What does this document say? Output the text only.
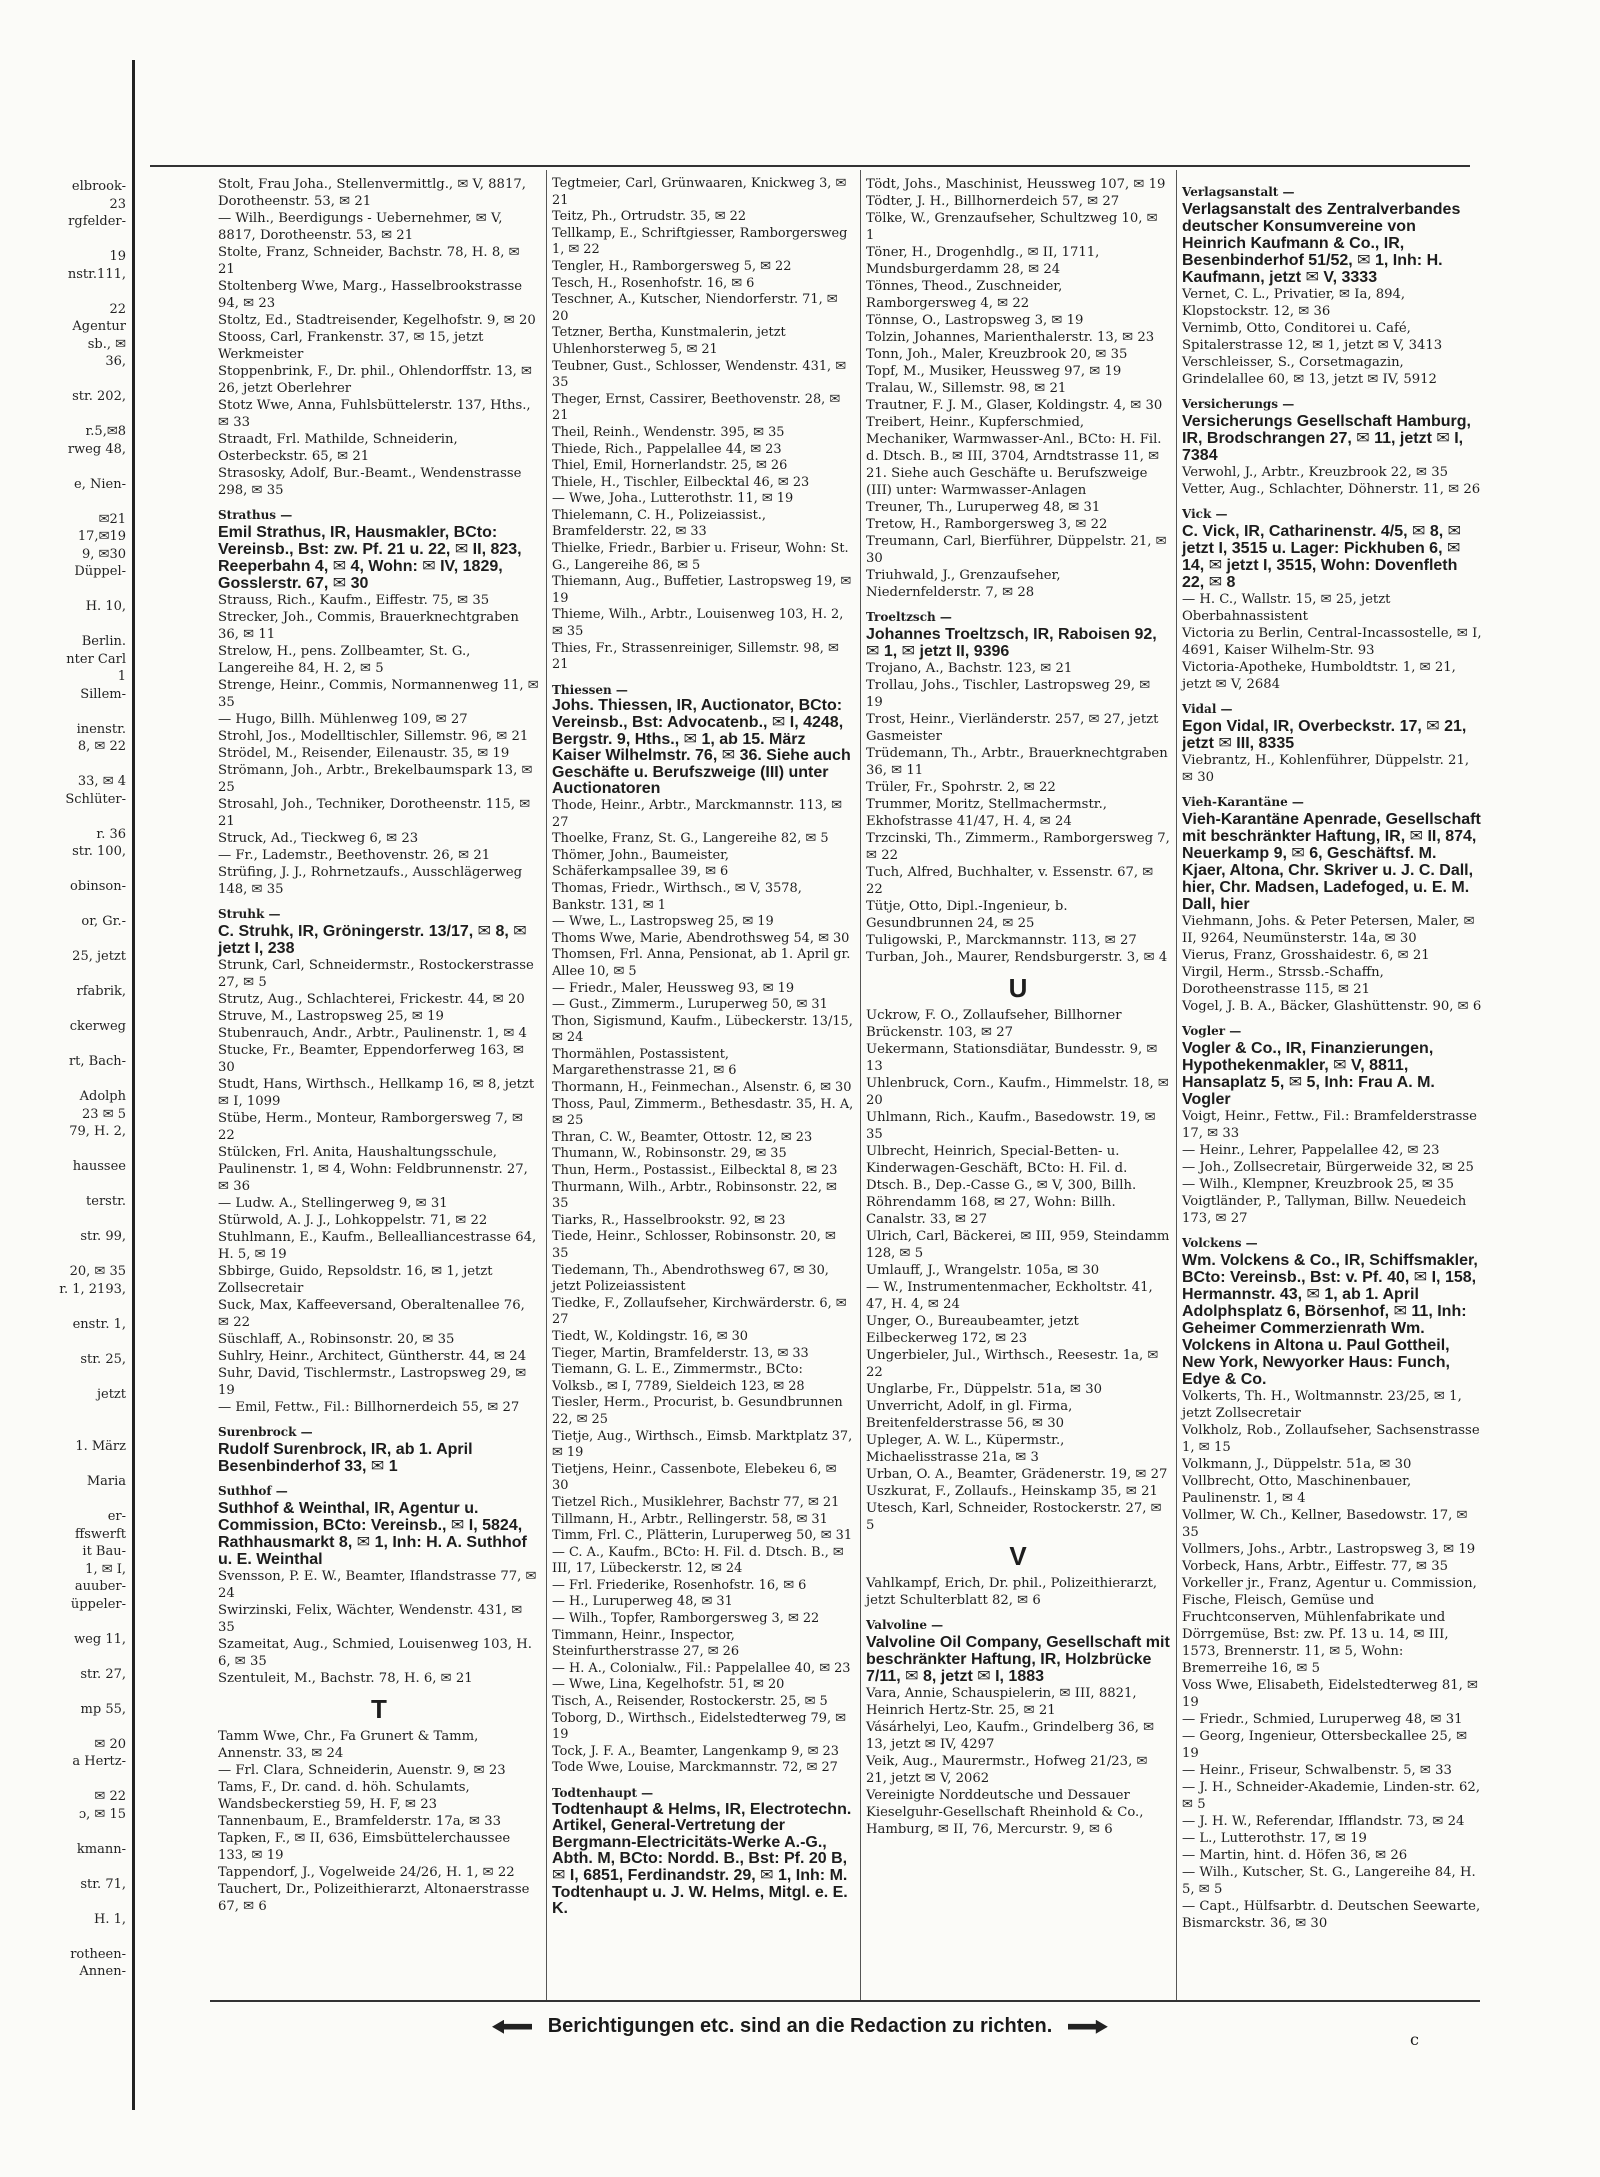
elbrook-
23
rgfelder-
19
nstr.111,
22
Agentur
sb., ✉
36,
str. 202,
r.5,✉8
rweg 48,
e, Nien-
✉21
17,✉19
9, ✉30
Düppel-
H. 10,
Berlin.
nter Carl
1
Sillem-
inenstr.
8, ✉ 22
33, ✉ 4
Schlüter-
r. 36
str. 100,
obinson-
or, Gr.-
25, jetzt
rfabrik,
ckerweg
rt, Bach-
Adolph
23 ✉ 5
79, H. 2,
haussee
terstr.
str. 99,
20, ✉ 35
r. 1, 2193,
enstr. 1,
str. 25,
jetzt
1. März
Maria
er-
ffswerft
it Bau-
1, ✉ I,
auuber-
üppeler-
weg 11,
str. 27,
mp 55,
✉ 20
a Hertz-
✉ 22
ɔ, ✉ 15
kmann-
str. 71,
H. 1,
rotheen-
Annen-
Stolt, Frau Joha., Stellenvermittlg., ✉ V, 8817, Dorotheenstr. 53, ✉ 21
— Wilh., Beerdigungs - Uebernehmer, ✉ V, 8817, Dorotheenstr. 53, ✉ 21
Stolte, Franz, Schneider, Bachstr. 78, H. 8, ✉ 21
Stoltenberg Wwe, Marg., Hasselbrookstrasse 94, ✉ 23
Stoltz, Ed., Stadtreisender, Kegelhofstr. 9, ✉ 20
Stooss, Carl, Frankenstr. 37, ✉ 15, jetzt Werkmeister
Stoppenbrink, F., Dr. phil., Ohlendorffstr. 13, ✉ 26, jetzt Oberlehrer
Stotz Wwe, Anna, Fuhlsbüttelerstr. 137, Hths., ✉ 33
Straadt, Frl. Mathilde, Schneiderin, Osterbeckstr. 65, ✉ 21
Strasosky, Adolf, Bur.-Beamt., Wendenstrasse 298, ✉ 35
Strathus —
Emil Strathus, IR, Hausmakler, BCto: Vereinsb., Bst: zw. Pf. 21 u. 22, ✉ II, 823, Reeperbahn 4, ✉ 4, Wohn: ✉ IV, 1829, Gosslerstr. 67, ✉ 30
Strauss, Rich., Kaufm., Eiffestr. 75, ✉ 35
Strecker, Joh., Commis, Brauerknechtgraben 36, ✉ 11
Strelow, H., pens. Zollbeamter, St. G., Langereihe 84, H. 2, ✉ 5
Strenge, Heinr., Commis, Normannenweg 11, ✉ 35
— Hugo, Billh. Mühlenweg 109, ✉ 27
Strohl, Jos., Modelltischler, Sillemstr. 96, ✉ 21
Strödel, M., Reisender, Eilenaustr. 35, ✉ 19
Strömann, Joh., Arbtr., Brekelbaumspark 13, ✉ 25
Strosahl, Joh., Techniker, Dorotheenstr. 115, ✉ 21
Struck, Ad., Tieckweg 6, ✉ 23
— Fr., Lademstr., Beethovenstr. 26, ✉ 21
Strüfing, J. J., Rohrnetzaufs., Ausschlägerweg 148, ✉ 35
Struhk —
C. Struhk, IR, Gröningerstr. 13/17, ✉ 8, ✉ jetzt I, 238
Strunk, Carl, Schneidermstr., Rostockerstrasse 27, ✉ 5
Strutz, Aug., Schlachterei, Frickestr. 44, ✉ 20
Struve, M., Lastropsweg 25, ✉ 19
Stubenrauch, Andr., Arbtr., Paulinenstr. 1, ✉ 4
Stucke, Fr., Beamter, Eppendorferweg 163, ✉ 30
Studt, Hans, Wirthsch., Hellkamp 16, ✉ 8, jetzt ✉ I, 1099
Stübe, Herm., Monteur, Ramborgersweg 7, ✉ 22
Stülcken, Frl. Anita, Haushaltungsschule, Paulinenstr. 1, ✉ 4, Wohn: Feldbrunnenstr. 27, ✉ 36
— Ludw. A., Stellingerweg 9, ✉ 31
Stürwold, A. J. J., Lohkoppelstr. 71, ✉ 22
Stuhlmann, E., Kaufm., Bellealliancestrasse 64, H. 5, ✉ 19
Sbbirge, Guido, Repsoldstr. 16, ✉ 1, jetzt Zollsecretair
Suck, Max, Kaffeeversand, Oberaltenallee 76, ✉ 22
Süschlaff, A., Robinsonstr. 20, ✉ 35
Suhlry, Heinr., Architect, Güntherstr. 44, ✉ 24
Suhr, David, Tischlermstr., Lastropsweg 29, ✉ 19
— Emil, Fettw., Fil.: Billhornerdeich 55, ✉ 27
Surenbrock —
Rudolf Surenbrock, IR, ab 1. April Besenbinderhof 33, ✉ 1
Suthhof —
Suthhof & Weinthal, IR, Agentur u. Commission, BCto: Vereinsb., ✉ I, 5824, Rathhausmarkt 8, ✉ 1, Inh: H. A. Suthhof u. E. Weinthal
Svensson, P. E. W., Beamter, Iflandstrasse 77, ✉ 24
Swirzinski, Felix, Wächter, Wendenstr. 431, ✉ 35
Szameitat, Aug., Schmied, Louisenweg 103, H. 6, ✉ 35
Szentuleit, M., Bachstr. 78, H. 6, ✉ 21
T
Tamm Wwe, Chr., Fa Grunert & Tamm, Annenstr. 33, ✉ 24
— Frl. Clara, Schneiderin, Auenstr. 9, ✉ 23
Tams, F., Dr. cand. d. höh. Schulamts, Wandsbeckerstieg 59, H. F, ✉ 23
Tannenbaum, E., Bramfelderstr. 17a, ✉ 33
Tapken, F., ✉ II, 636, Eimsbüttelerchaussee 133, ✉ 19
Tappendorf, J., Vogelweide 24/26, H. 1, ✉ 22
Tauchert, Dr., Polizeithierarzt, Altonaerstrasse 67, ✉ 6
Tegtmeier, Carl, Grünwaaren, Knickweg 3, ✉ 21
Teitz, Ph., Ortrudstr. 35, ✉ 22
Tellkamp, E., Schriftgiesser, Ramborgersweg 1, ✉ 22
Tengler, H., Ramborgersweg 5, ✉ 22
Tesch, H., Rosenhofstr. 16, ✉ 6
Teschner, A., Kutscher, Niendorferstr. 71, ✉ 20
Tetzner, Bertha, Kunstmalerin, jetzt Uhlenhorsterweg 5, ✉ 21
Teubner, Gust., Schlosser, Wendenstr. 431, ✉ 35
Theger, Ernst, Cassirer, Beethovenstr. 28, ✉ 21
Theil, Reinh., Wendenstr. 395, ✉ 35
Thiede, Rich., Pappelallee 44, ✉ 23
Thiel, Emil, Hornerlandstr. 25, ✉ 26
Thiele, H., Tischler, Eilbecktal 46, ✉ 23
— Wwe, Joha., Lutterothstr. 11, ✉ 19
Thielemann, C. H., Polizeiassist., Bramfelderstr. 22, ✉ 33
Thielke, Friedr., Barbier u. Friseur, Wohn: St. G., Langereihe 86, ✉ 5
Thiemann, Aug., Buffetier, Lastropsweg 19, ✉ 19
Thieme, Wilh., Arbtr., Louisenweg 103, H. 2, ✉ 35
Thies, Fr., Strassenreiniger, Sillemstr. 98, ✉ 21
Thiessen —
Johs. Thiessen, IR, Auctionator, BCto: Vereinsb., Bst: Advocatenb., ✉ I, 4248, Bergstr. 9, Hths., ✉ 1, ab 15. März Kaiser Wilhelmstr. 76, ✉ 36. Siehe auch Geschäfte u. Berufszweige (III) unter Auctionatoren
Thode, Heinr., Arbtr., Marckmannstr. 113, ✉ 27
Thoelke, Franz, St. G., Langereihe 82, ✉ 5
Thömer, John., Baumeister, Schäferkampsallee 39, ✉ 6
Thomas, Friedr., Wirthsch., ✉ V, 3578, Bankstr. 131, ✉ 1
— Wwe, L., Lastropsweg 25, ✉ 19
Thoms Wwe, Marie, Abendrothsweg 54, ✉ 30
Thomsen, Frl. Anna, Pensionat, ab 1. April gr. Allee 10, ✉ 5
— Friedr., Maler, Heussweg 93, ✉ 19
— Gust., Zimmerm., Luruperweg 50, ✉ 31
Thon, Sigismund, Kaufm., Lübeckerstr. 13/15, ✉ 24
Thormählen, Postassistent, Margarethenstrasse 21, ✉ 6
Thormann, H., Feinmechan., Alsenstr. 6, ✉ 30
Thoss, Paul, Zimmerm., Bethesdastr. 35, H. A, ✉ 25
Thran, C. W., Beamter, Ottostr. 12, ✉ 23
Thumann, W., Robinsonstr. 29, ✉ 35
Thun, Herm., Postassist., Eilbecktal 8, ✉ 23
Thurmann, Wilh., Arbtr., Robinsonstr. 22, ✉ 35
Tiarks, R., Hasselbrookstr. 92, ✉ 23
Tiede, Heinr., Schlosser, Robinsonstr. 20, ✉ 35
Tiedemann, Th., Abendrothsweg 67, ✉ 30, jetzt Polizeiassistent
Tiedke, F., Zollaufseher, Kirchwärderstr. 6, ✉ 27
Tiedt, W., Koldingstr. 16, ✉ 30
Tieger, Martin, Bramfelderstr. 13, ✉ 33
Tiemann, G. L. E., Zimmermstr., BCto: Volksb., ✉ I, 7789, Sieldeich 123, ✉ 28
Tiesler, Herm., Procurist, b. Gesundbrunnen 22, ✉ 25
Tietje, Aug., Wirthsch., Eimsb. Marktplatz 37, ✉ 19
Tietjens, Heinr., Cassenbote, Elebekeu 6, ✉ 30
Tietzel Rich., Musiklehrer, Bachstr 77, ✉ 21
Tillmann, H., Arbtr., Rellingerstr. 58, ✉ 31
Timm, Frl. C., Plätterin, Luruperweg 50, ✉ 31
— C. A., Kaufm., BCto: H. Fil. d. Dtsch. B., ✉ III, 17, Lübeckerstr. 12, ✉ 24
— Frl. Friederike, Rosenhofstr. 16, ✉ 6
— H., Luruperweg 48, ✉ 31
— Wilh., Topfer, Ramborgersweg 3, ✉ 22
Timmann, Heinr., Inspector, Steinfurtherstrasse 27, ✉ 26
— H. A., Colonialw., Fil.: Pappelallee 40, ✉ 23
— Wwe, Lina, Kegelhofstr. 51, ✉ 20
Tisch, A., Reisender, Rostockerstr. 25, ✉ 5
Toborg, D., Wirthsch., Eidelstedterweg 79, ✉ 19
Tock, J. F. A., Beamter, Langenkamp 9, ✉ 23
Tode Wwe, Louise, Marckmannstr. 72, ✉ 27
Todtenhaupt —
Todtenhaupt & Helms, IR, Electrotechn. Artikel, General-Vertretung der Bergmann-Electricitäts-Werke A.-G., Abth. M, BCto: Nordd. B., Bst: Pf. 20 B, ✉ I, 6851, Ferdinandstr. 29, ✉ 1, Inh: M. Todtenhaupt u. J. W. Helms, Mitgl. e. E. K.
Tödt, Johs., Maschinist, Heussweg 107, ✉ 19
Tödter, J. H., Billhornerdeich 57, ✉ 27
Tölke, W., Grenzaufseher, Schultzweg 10, ✉ 1
Töner, H., Drogenhdlg., ✉ II, 1711, Mundsburgerdamm 28, ✉ 24
Tönnes, Theod., Zuschneider, Ramborgersweg 4, ✉ 22
Tönnse, O., Lastropsweg 3, ✉ 19
Tolzin, Johannes, Marienthalerstr. 13, ✉ 23
Tonn, Joh., Maler, Kreuzbrook 20, ✉ 35
Topf, M., Musiker, Heussweg 97, ✉ 19
Tralau, W., Sillemstr. 98, ✉ 21
Trautner, F. J. M., Glaser, Koldingstr. 4, ✉ 30
Treibert, Heinr., Kupferschmied, Mechaniker, Warmwasser-Anl., BCto: H. Fil. d. Dtsch. B., ✉ III, 3704, Arndtstrasse 11, ✉ 21. Siehe auch Geschäfte u. Berufszweige (III) unter: Warmwasser-Anlagen
Treuner, Th., Luruperweg 48, ✉ 31
Tretow, H., Ramborgersweg 3, ✉ 22
Treumann, Carl, Bierführer, Düppelstr. 21, ✉ 30
Triuhwald, J., Grenzaufseher, Niedernfelderstr. 7, ✉ 28
Troeltzsch —
Johannes Troeltzsch, IR, Raboisen 92, ✉ 1, ✉ jetzt II, 9396
Trojano, A., Bachstr. 123, ✉ 21
Trollau, Johs., Tischler, Lastropsweg 29, ✉ 19
Trost, Heinr., Vierländerstr. 257, ✉ 27, jetzt Gasmeister
Trüdemann, Th., Arbtr., Brauerknechtgraben 36, ✉ 11
Trüler, Fr., Spohrstr. 2, ✉ 22
Trummer, Moritz, Stellmachermstr., Ekhofstrasse 41/47, H. 4, ✉ 24
Trzcinski, Th., Zimmerm., Ramborgersweg 7, ✉ 22
Tuch, Alfred, Buchhalter, v. Essenstr. 67, ✉ 22
Tütje, Otto, Dipl.-Ingenieur, b. Gesundbrunnen 24, ✉ 25
Tuligowski, P., Marckmannstr. 113, ✉ 27
Turban, Joh., Maurer, Rendsburgerstr. 3, ✉ 4
U
Uckrow, F. O., Zollaufseher, Billhorner Brückenstr. 103, ✉ 27
Uekermann, Stationsdiätar, Bundesstr. 9, ✉ 13
Uhlenbruck, Corn., Kaufm., Himmelstr. 18, ✉ 20
Uhlmann, Rich., Kaufm., Basedowstr. 19, ✉ 35
Ulbrecht, Heinrich, Special-Betten- u. Kinderwagen-Geschäft, BCto: H. Fil. d. Dtsch. B., Dep.-Casse G., ✉ V, 300, Billh. Röhrendamm 168, ✉ 27, Wohn: Billh. Canalstr. 33, ✉ 27
Ulrich, Carl, Bäckerei, ✉ III, 959, Steindamm 128, ✉ 5
Umlauff, J., Wrangelstr. 105a, ✉ 30
— W., Instrumentenmacher, Eckholtstr. 41, 47, H. 4, ✉ 24
Unger, O., Bureaubeamter, jetzt Eilbeckerweg 172, ✉ 23
Ungerbieler, Jul., Wirthsch., Reesestr. 1a, ✉ 22
Unglarbe, Fr., Düppelstr. 51a, ✉ 30
Unverricht, Adolf, in gl. Firma, Breitenfelderstrasse 56, ✉ 30
Upleger, A. W. L., Küpermstr., Michaelisstrasse 21a, ✉ 3
Urban, O. A., Beamter, Grädenerstr. 19, ✉ 27
Uszkurat, F., Zollaufs., Heinskamp 35, ✉ 21
Utesch, Karl, Schneider, Rostockerstr. 27, ✉ 5
V
Vahlkampf, Erich, Dr. phil., Polizeithierarzt, jetzt Schulterblatt 82, ✉ 6
Valvoline —
Valvoline Oil Company, Gesellschaft mit beschränkter Haftung, IR, Holzbrücke 7/11, ✉ 8, jetzt ✉ I, 1883
Vara, Annie, Schauspielerin, ✉ III, 8821, Heinrich Hertz-Str. 25, ✉ 21
Vásárhelyi, Leo, Kaufm., Grindelberg 36, ✉ 13, jetzt ✉ IV, 4297
Veik, Aug., Maurermstr., Hofweg 21/23, ✉ 21, jetzt ✉ V, 2062
Vereinigte Norddeutsche und Dessauer Kieselguhr-Gesellschaft Rheinhold & Co., Hamburg, ✉ II, 76, Mercurstr. 9, ✉ 6
Verlagsanstalt —
Verlagsanstalt des Zentralverbandes deutscher Konsumvereine von Heinrich Kaufmann & Co., IR, Besenbinderhof 51/52, ✉ 1, Inh: H. Kaufmann, jetzt ✉ V, 3333
Vernet, C. L., Privatier, ✉ Ia, 894, Klopstockstr. 12, ✉ 36
Vernimb, Otto, Conditorei u. Café, Spitalerstrasse 12, ✉ 1, jetzt ✉ V, 3413
Verschleisser, S., Corsetmagazin, Grindelallee 60, ✉ 13, jetzt ✉ IV, 5912
Versicherungs —
Versicherungs Gesellschaft Hamburg, IR, Brodschrangen 27, ✉ 11, jetzt ✉ I, 7384
Verwohl, J., Arbtr., Kreuzbrook 22, ✉ 35
Vetter, Aug., Schlachter, Döhnerstr. 11, ✉ 26
Vick —
C. Vick, IR, Catharinenstr. 4/5, ✉ 8, ✉ jetzt I, 3515 u. Lager: Pickhuben 6, ✉ 14, ✉ jetzt I, 3515, Wohn: Dovenfleth 22, ✉ 8
— H. C., Wallstr. 15, ✉ 25, jetzt Oberbahnassistent
Victoria zu Berlin, Central-Incassostelle, ✉ I, 4691, Kaiser Wilhelm-Str. 93
Victoria-Apotheke, Humboldtstr. 1, ✉ 21, jetzt ✉ V, 2684
Vidal —
Egon Vidal, IR, Overbeckstr. 17, ✉ 21, jetzt ✉ III, 8335
Viebrantz, H., Kohlenführer, Düppelstr. 21, ✉ 30
Vieh-Karantäne —
Vieh-Karantäne Apenrade, Gesellschaft mit beschränkter Haftung, IR, ✉ II, 874, Neuerkamp 9, ✉ 6, Geschäftsf. M. Kjaer, Altona, Chr. Skriver u. J. C. Dall, hier, Chr. Madsen, Ladefoged, u. E. M. Dall, hier
Viehmann, Johs. & Peter Petersen, Maler, ✉ II, 9264, Neumünsterstr. 14a, ✉ 30
Vierus, Franz, Grosshaidestr. 6, ✉ 21
Virgil, Herm., Strssb.-Schaffn, Dorotheenstrasse 115, ✉ 21
Vogel, J. B. A., Bäcker, Glashüttenstr. 90, ✉ 6
Vogler —
Vogler & Co., IR, Finanzierungen, Hypothekenmakler, ✉ V, 8811, Hansaplatz 5, ✉ 5, Inh: Frau A. M. Vogler
Voigt, Heinr., Fettw., Fil.: Bramfelderstrasse 17, ✉ 33
— Heinr., Lehrer, Pappelallee 42, ✉ 23
— Joh., Zollsecretair, Bürgerweide 32, ✉ 25
— Wilh., Klempner, Kreuzbrook 25, ✉ 35
Voigtländer, P., Tallyman, Billw. Neuedeich 173, ✉ 27
Volckens —
Wm. Volckens & Co., IR, Schiffsmakler, BCto: Vereinsb., Bst: v. Pf. 40, ✉ I, 158, Hermannstr. 43, ✉ 1, ab 1. April Adolphsplatz 6, Börsenhof, ✉ 11, Inh: Geheimer Commerzienrath Wm. Volckens in Altona u. Paul Gottheil, New York, Newyorker Haus: Funch, Edye & Co.
Volkerts, Th. H., Woltmannstr. 23/25, ✉ 1, jetzt Zollsecretair
Volkholz, Rob., Zollaufseher, Sachsenstrasse 1, ✉ 15
Volkmann, J., Düppelstr. 51a, ✉ 30
Vollbrecht, Otto, Maschinenbauer, Paulinenstr. 1, ✉ 4
Vollmer, W. Ch., Kellner, Basedowstr. 17, ✉ 35
Vollmers, Johs., Arbtr., Lastropsweg 3, ✉ 19
Vorbeck, Hans, Arbtr., Eiffestr. 77, ✉ 35
Vorkeller jr., Franz, Agentur u. Commission, Fische, Fleisch, Gemüse und Fruchtconserven, Mühlenfabrikate und Dörrgemüse, Bst: zw. Pf. 13 u. 14, ✉ III, 1573, Brennerstr. 11, ✉ 5, Wohn: Bremerreihe 16, ✉ 5
Voss Wwe, Elisabeth, Eidelstedterweg 81, ✉ 19
— Friedr., Schmied, Luruperweg 48, ✉ 31
— Georg, Ingenieur, Ottersbeckallee 25, ✉ 19
— Heinr., Friseur, Schwalbenstr. 5, ✉ 33
— J. H., Schneider-Akademie, Linden-str. 62, ✉ 5
— J. H. W., Referendar, Ifflandstr. 73, ✉ 24
— L., Lutterothstr. 17, ✉ 19
— Martin, hint. d. Höfen 36, ✉ 26
— Wilh., Kutscher, St. G., Langereihe 84, H. 5, ✉ 5
— Capt., Hülfsarbtr. d. Deutschen Seewarte, Bismarckstr. 36, ✉ 30
Berichtigungen etc. sind an die Redaction zu richten.
c
